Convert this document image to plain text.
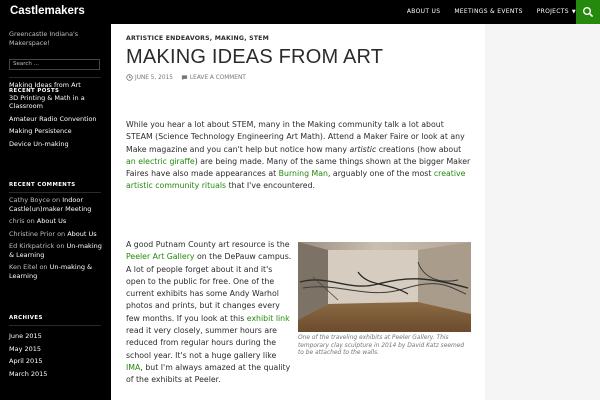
Castlemakers	ABOUT US MEETINGS & EVENTS PROJECTS ▼
Greencastle Indiana's Makerspace!
Search ...
RECENT POSTS
Making Ideas from Art
3D Printing & Math in a Classroom
Amateur Radio Convention
Making Persistence
Device Un-making
RECENT COMMENTS
Cathy Boyce on Indoor Castle(un)maker Meeting
chris on About Us
Christine Prior on About Us
Ed Kirkpatrick on Un-making & Learning
Ken Eitel on Un-making & Learning
ARCHIVES
June 2015
May 2015
April 2015
March 2015
ARTISTICE ENDEAVORS, MAKING, STEM
MAKING IDEAS FROM ART
JUNE 5, 2015	LEAVE A COMMENT
While you hear a lot about STEM, many in the Making community talk a lot about STEAM (Science Technology Engineering Art Math). Attend a Maker Faire or look at any Make magazine and you can't help but notice how many artistic creations (how about an electric giraffe) are being made. Many of the same things shown at the bigger Maker Faires have also made appearances at Burning Man, arguably one of the most creative artistic community rituals that I've encountered.
A good Putnam County art resource is the Peeler Art Gallery on the DePauw campus. A lot of people forget about it and it's open to the public for free. One of the current exhibits has some Andy Warhol photos and prints, but it changes every few months. If you look at this exhibit link read it very closely, summer hours are reduced from regular hours during the school year. It's not a huge gallery like IMA, but I'm always amazed at the quality of the exhibits at Peeler.
One of the traveling exhibits at Peeler Gallery. This temporary clay sculpture in 2014 by David Katz seemed to be attached to the walls.
